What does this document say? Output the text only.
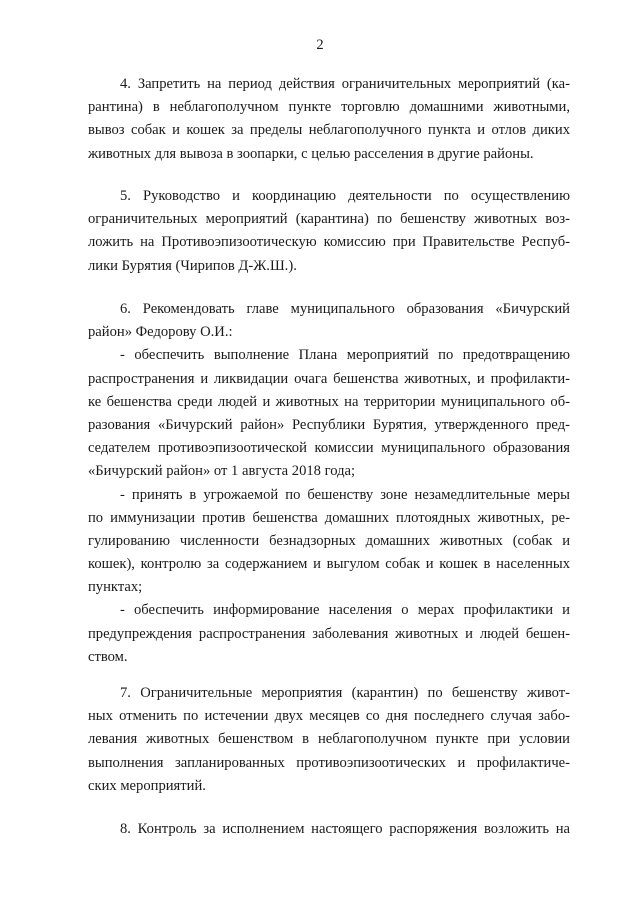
2
4. Запретить на период действия ограничительных мероприятий (ка-
рантина) в неблагополучном пункте торговлю домашними животными,
вывоз собак и кошек за пределы неблагополучного пункта и отлов диких
животных для вывоза в зоопарки, с целью расселения в другие районы.
5. Руководство и координацию деятельности по осуществлению
ограничительных мероприятий (карантина) по бешенству животных воз-
ложить на Противоэпизоотическую комиссию при Правительстве Респуб-
лики Бурятия (Чирипов Д-Ж.Ш.).
6. Рекомендовать главе муниципального образования «Бичурский
район» Федорову О.И.:
- обеспечить выполнение Плана мероприятий по предотвращению
распространения и ликвидации очага бешенства животных, и профилакти-
ке бешенства среди людей и животных на территории муниципального об-
разования «Бичурский район» Республики Бурятия, утвержденного пред-
седателем противоэпизоотической комиссии муниципального образования
«Бичурский район» от 1 августа 2018 года;
- принять в угрожаемой по бешенству зоне незамедлительные меры
по иммунизации против бешенства домашних плотоядных животных, ре-
гулированию численности безнадзорных домашних животных (собак и
кошек), контролю за содержанием и выгулом собак и кошек в населенных
пунктах;
- обеспечить информирование населения о мерах профилактики и
предупреждения распространения заболевания животных и людей бешен-
ством.
7. Ограничительные мероприятия (карантин) по бешенству живот-
ных отменить по истечении двух месяцев со дня последнего случая забо-
левания животных бешенством в неблагополучном пункте при условии
выполнения запланированных противоэпизоотических и профилактиче-
ских мероприятий.
8. Контроль за исполнением настоящего распоряжения возложить на
